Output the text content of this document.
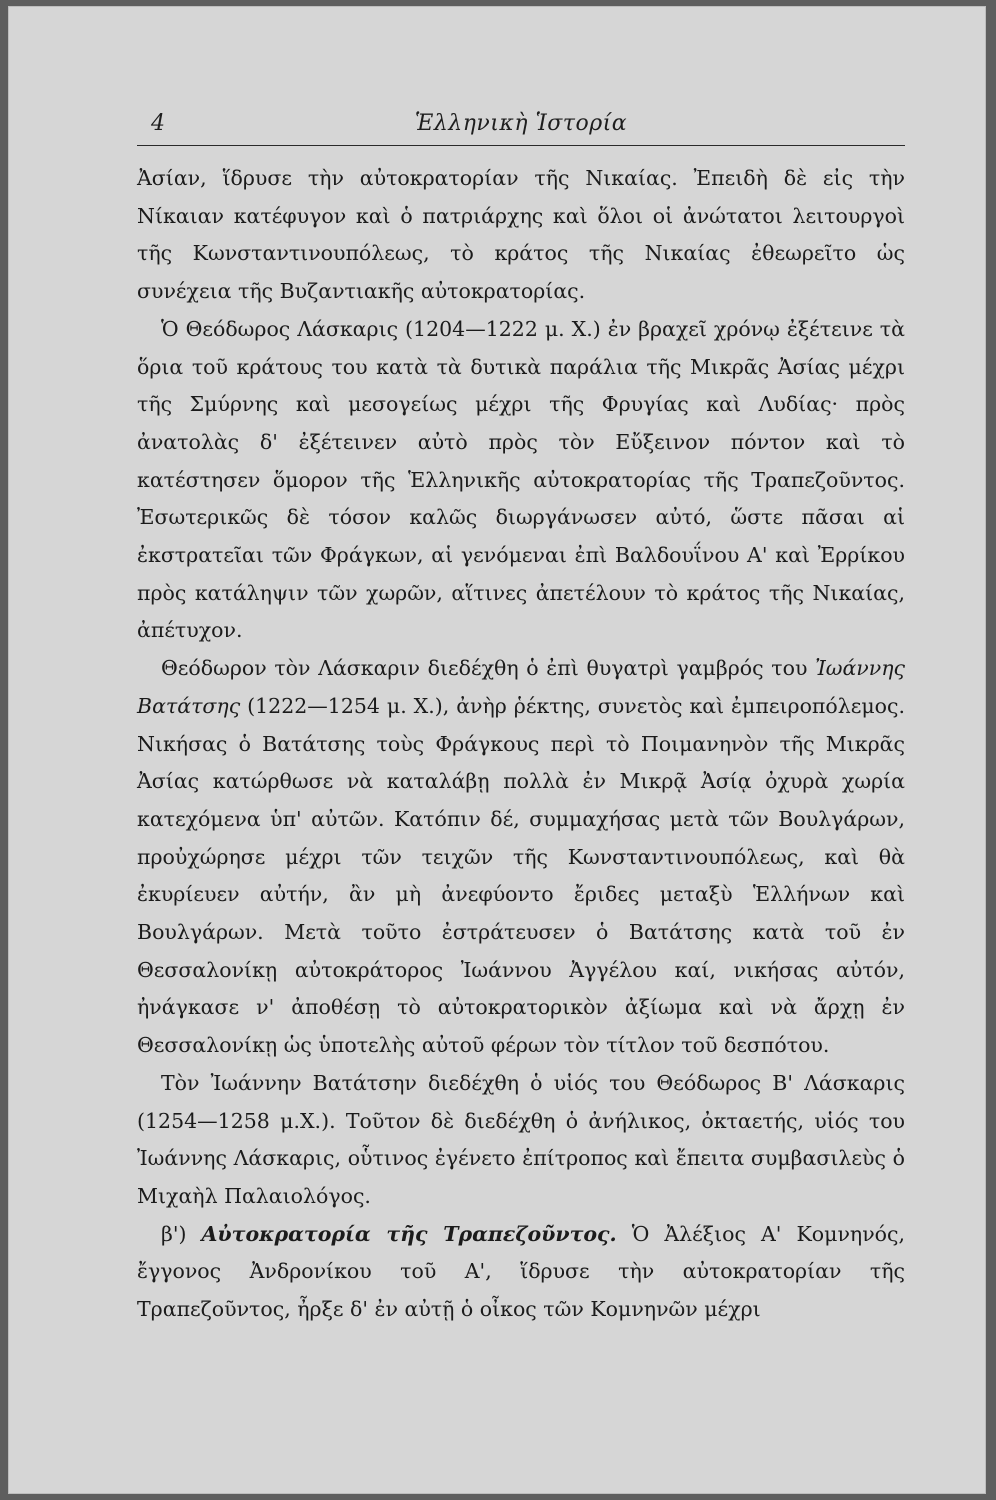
4	Ἑλληνικὴ Ἱστορία

Ἀσίαν, ἵδρυσε τὴν αὐτοκρατορίαν τῆς Νικαίας. Ἐπειδὴ δὲ εἰς τὴν Νίκαιαν κατέφυγον καὶ ὁ πατριάρχης καὶ ὅλοι οἱ ἀνώτατοι λειτουργοὶ τῆς Κωνσταντινουπόλεως, τὸ κράτος τῆς Νικαίας ἐθεωρεῖτο ὡς συνέχεια τῆς Βυζαντιακῆς αὐτοκρατορίας.

Ὁ Θεόδωρος Λάσκαρις (1204—1222 μ. Χ.) ἐν βραχεῖ χρόνῳ ἐξέτεινε τὰ ὅρια τοῦ κράτους του κατὰ τὰ δυτικὰ παράλια τῆς Μικρᾶς Ἀσίας μέχρι τῆς Σμύρνης καὶ μεσογείως μέχρι τῆς Φρυγίας καὶ Λυδίας· πρὸς ἀνατολὰς δ' ἐξέτεινεν αὐτὸ πρὸς τὸν Εὔξεινον πόντον καὶ τὸ κατέστησεν ὅμορον τῆς Ἑλληνικῆς αὐτοκρατορίας τῆς Τραπεζοῦντος. Ἐσωτερικῶς δὲ τόσον καλῶς διωργάνωσεν αὐτό, ὥστε πᾶσαι αἱ ἐκστρατεῖαι τῶν Φράγκων, αἱ γενόμεναι ἐπὶ Βαλδουΐνου Α' καὶ Ἐρρίκου πρὸς κατάληψιν τῶν χωρῶν, αἵτινες ἀπετέλουν τὸ κράτος τῆς Νικαίας, ἀπέτυχον.

Θεόδωρον τὸν Λάσκαριν διεδέχθη ὁ ἐπὶ θυγατρὶ γαμβρός του Ἰωάννης Βατάτσης (1222—1254 μ. Χ.), ἀνὴρ ῥέκτης, συνετὸς καὶ ἐμπειροπόλεμος. Νικήσας ὁ Βατάτσης τοὺς Φράγκους περὶ τὸ Ποιμανηνὸν τῆς Μικρᾶς Ἀσίας κατώρθωσε νὰ καταλάβῃ πολλὰ ἐν Μικρᾷ Ἀσίᾳ ὀχυρὰ χωρία κατεχόμενα ὑπ' αὐτῶν. Κατόπιν δέ, συμμαχήσας μετὰ τῶν Βουλγάρων, προὐχώρησε μέχρι τῶν τειχῶν τῆς Κωνσταντινουπόλεως, καὶ θὰ ἐκυρίευεν αὐτήν, ἂν μὴ ἀνεφύοντο ἔριδες μεταξὺ Ἑλλήνων καὶ Βουλγάρων. Μετὰ τοῦτο ἐστράτευσεν ὁ Βατάτσης κατὰ τοῦ ἐν Θεσσαλονίκῃ αὐτοκράτορος Ἰωάννου Ἀγγέλου καί, νικήσας αὐτόν, ἠνάγκασε ν' ἀποθέσῃ τὸ αὐτοκρατορικὸν ἀξίωμα καὶ νὰ ἄρχῃ ἐν Θεσσαλονίκῃ ὡς ὑποτελὴς αὐτοῦ φέρων τὸν τίτλον τοῦ δεσπότου.

Τὸν Ἰωάννην Βατάτσην διεδέχθη ὁ υἱός του Θεόδωρος Β' Λάσκαρις (1254—1258 μ.Χ.). Τοῦτον δὲ διεδέχθη ὁ ἀνήλικος, ὀκταετής, υἱός του Ἰωάννης Λάσκαρις, οὗτινος ἐγένετο ἐπίτροπος καὶ ἔπειτα συμβασιλεὺς ὁ Μιχαὴλ Παλαιολόγος.

β') Αὐτοκρατορία τῆς Τραπεζοῦντος. Ὁ Ἀλέξιος Α' Κομνηνός, ἔγγονος Ἀνδρονίκου τοῦ Α', ἵδρυσε τὴν αὐτοκρατορίαν τῆς Τραπεζοῦντος, ἦρξε δ' ἐν αὐτῇ ὁ οἶκος τῶν Κομνηνῶν μέχρι
